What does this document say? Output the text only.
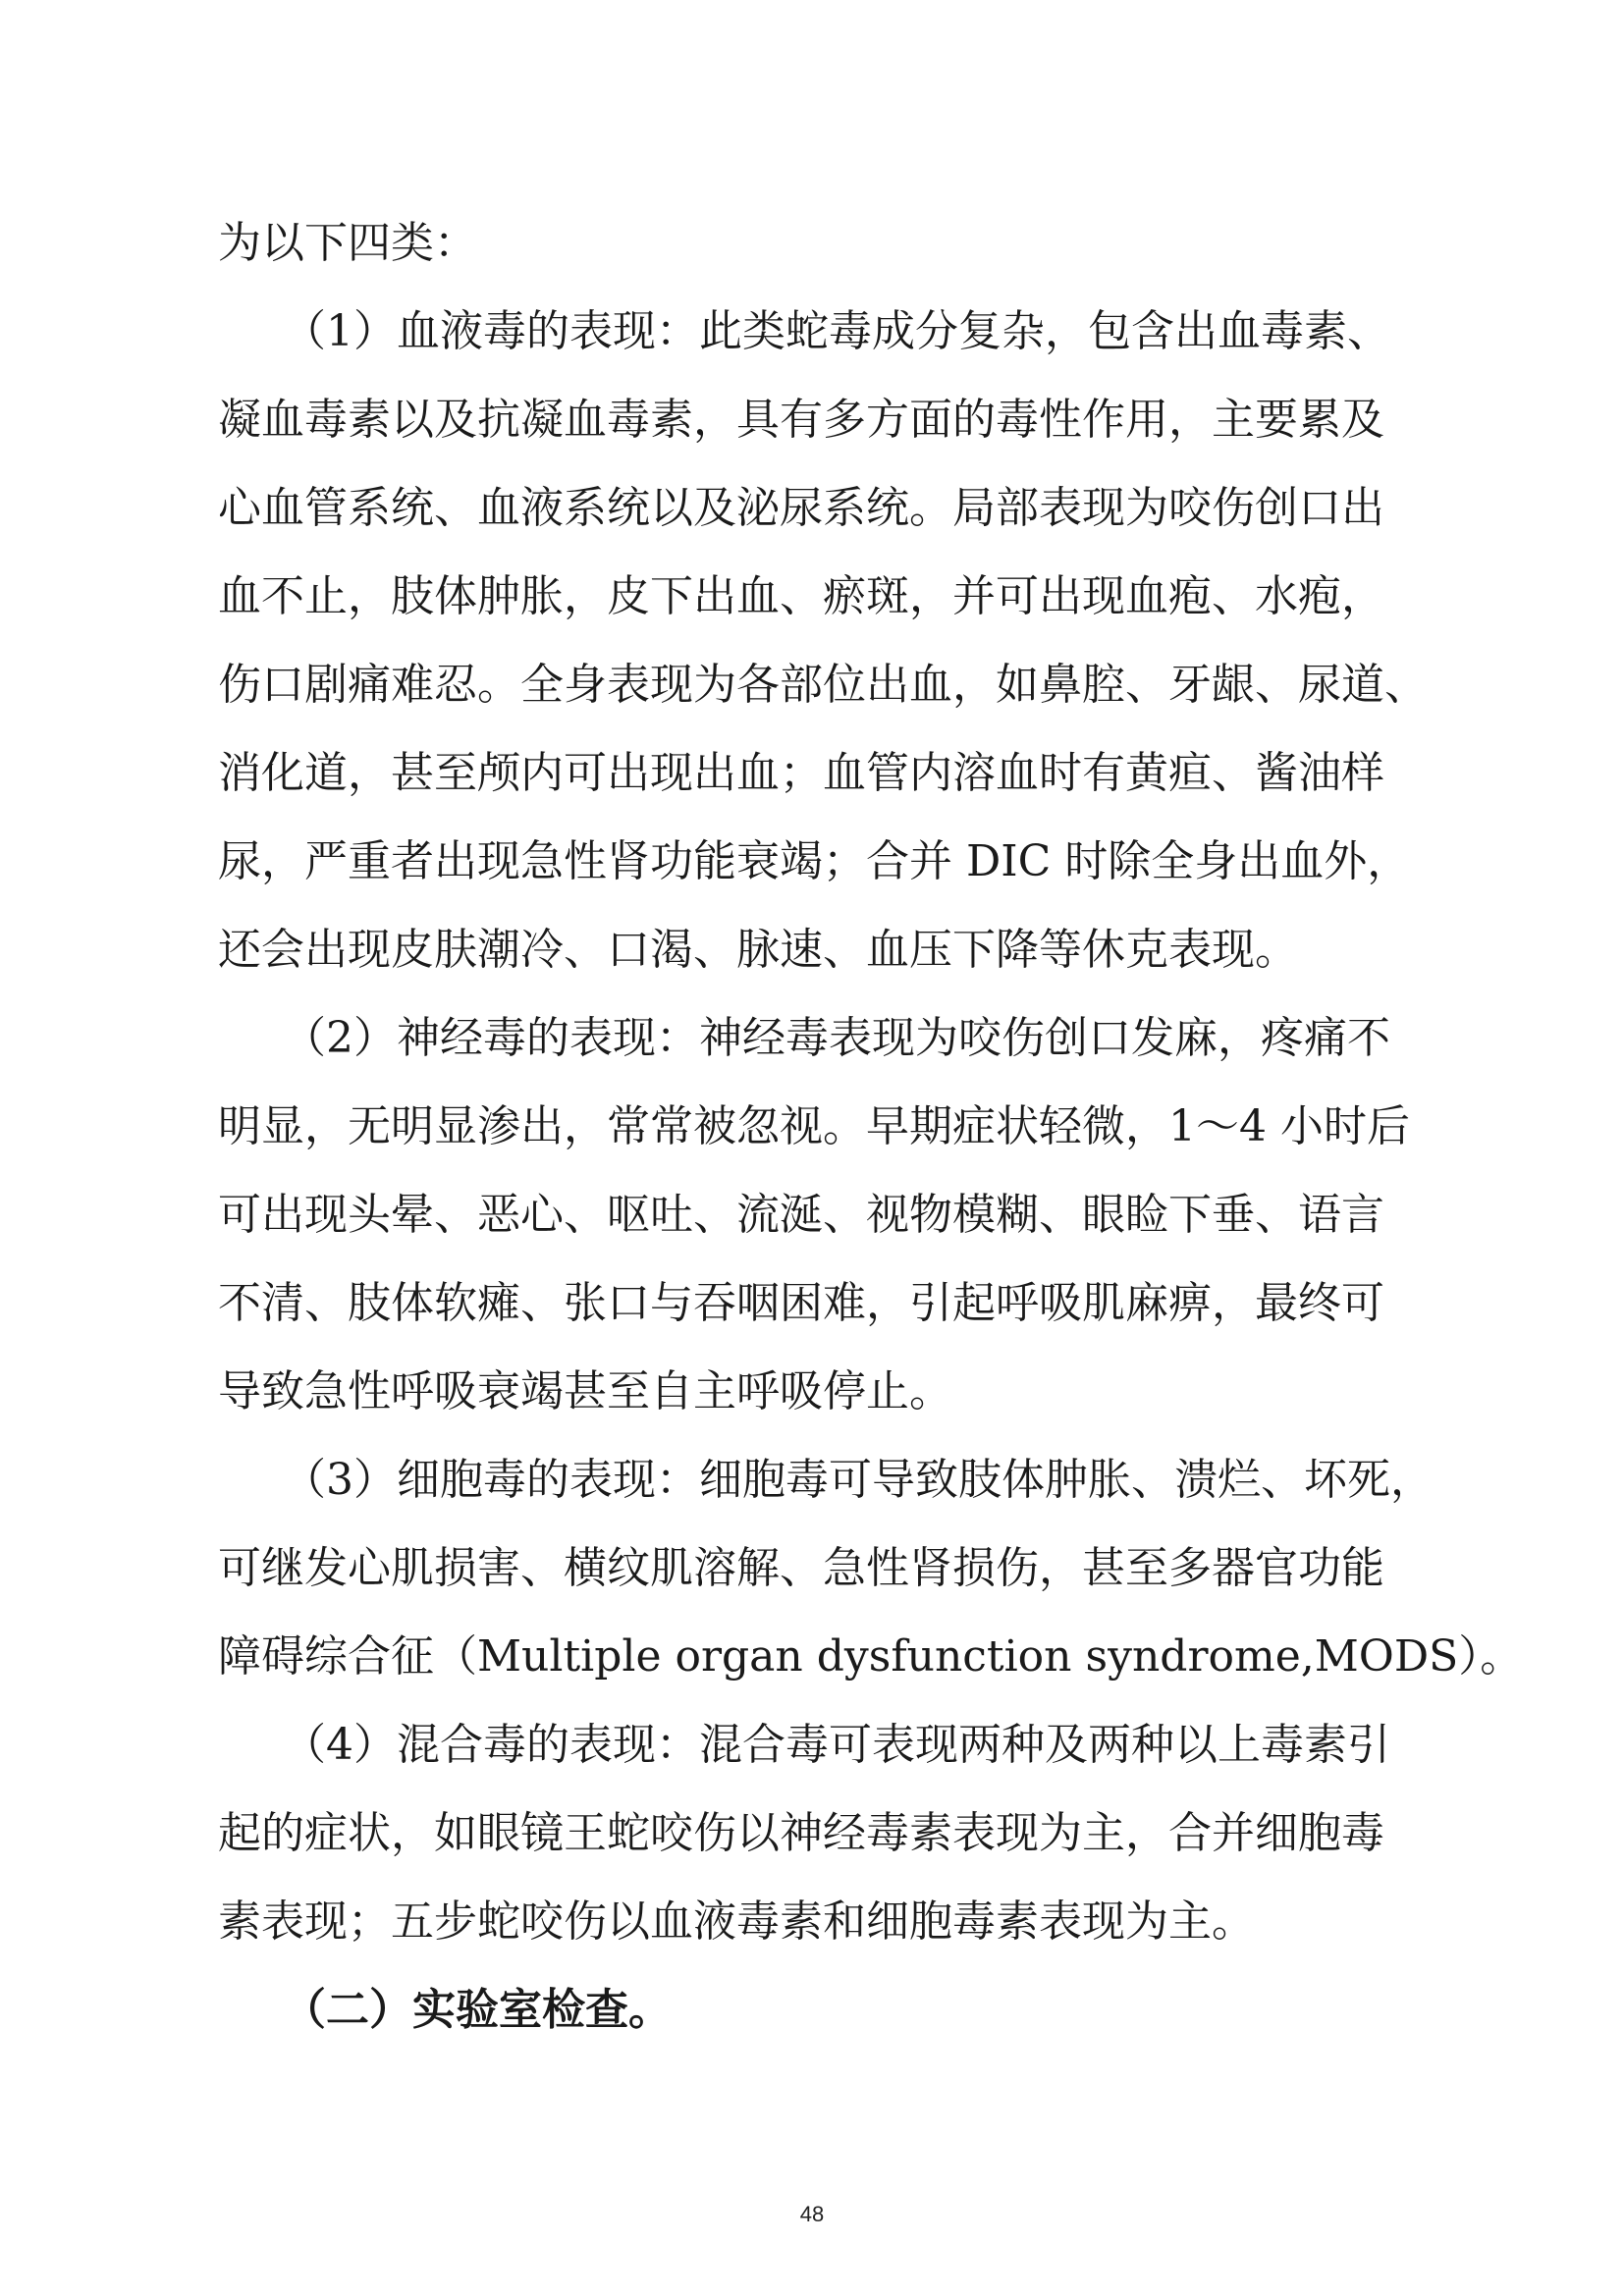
为以下四类：
　　（1）血液毒的表现：此类蛇毒成分复杂，包含出血毒素、
凝血毒素以及抗凝血毒素，具有多方面的毒性作用，主要累及
心血管系统、血液系统以及泌尿系统。局部表现为咬伤创口出
血不止，肢体肿胀，皮下出血、瘀斑，并可出现血疱、水疱，
伤口剧痛难忍。全身表现为各部位出血，如鼻腔、牙龈、尿道、
消化道，甚至颅内可出现出血；血管内溶血时有黄疸、酱油样
尿，严重者出现急性肾功能衰竭；合并 DIC 时除全身出血外，
还会出现皮肤潮冷、口渴、脉速、血压下降等休克表现。
　　（2）神经毒的表现：神经毒表现为咬伤创口发麻，疼痛不
明显，无明显渗出，常常被忽视。早期症状轻微，1～4 小时后
可出现头晕、恶心、呕吐、流涎、视物模糊、眼睑下垂、语言
不清、肢体软瘫、张口与吞咽困难，引起呼吸肌麻痹，最终可
导致急性呼吸衰竭甚至自主呼吸停止。
　　（3）细胞毒的表现：细胞毒可导致肢体肿胀、溃烂、坏死，
可继发心肌损害、横纹肌溶解、急性肾损伤，甚至多器官功能
障碍综合征（Multiple organ dysfunction syndrome,MODS）。
　　（4）混合毒的表现：混合毒可表现两种及两种以上毒素引
起的症状，如眼镜王蛇咬伤以神经毒素表现为主，合并细胞毒
素表现；五步蛇咬伤以血液毒素和细胞毒素表现为主。
　　（二）实验室检查。
48
